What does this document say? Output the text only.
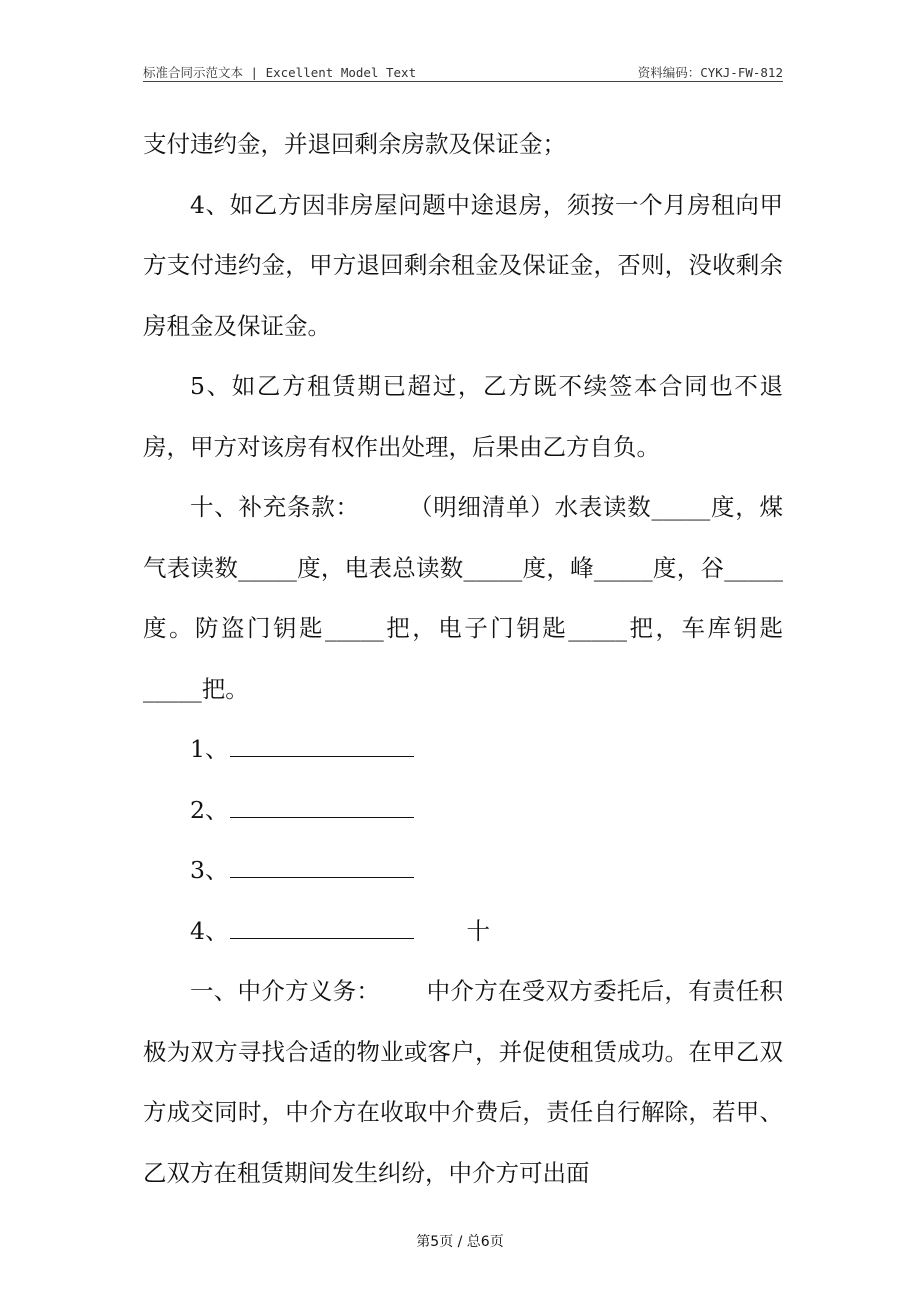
标准合同示范文本 | Excellent Model Text	资料编码：CYKJ-FW-812

支付违约金，并退回剩余房款及保证金；

4、如乙方因非房屋问题中途退房，须按一个月房租向甲方支付违约金，甲方退回剩余租金及保证金，否则，没收剩余房租金及保证金。

5、如乙方租赁期已超过，乙方既不续签本合同也不退房，甲方对该房有权作出处理，后果由乙方自负。

十、补充条款：      （明细清单）水表读数_____度，煤气表读数_____度，电表总读数_____度，峰_____度，谷_____度。防盗门钥匙_____把，电子门钥匙_____把，车库钥匙_____把。

1、

2、

3、

4、	十

一、中介方义务：      中介方在受双方委托后，有责任积极为双方寻找合适的物业或客户，并促使租赁成功。在甲乙双方成交同时，中介方在收取中介费后，责任自行解除，若甲、乙双方在租赁期间发生纠纷，中介方可出面

第5页 / 总6页
